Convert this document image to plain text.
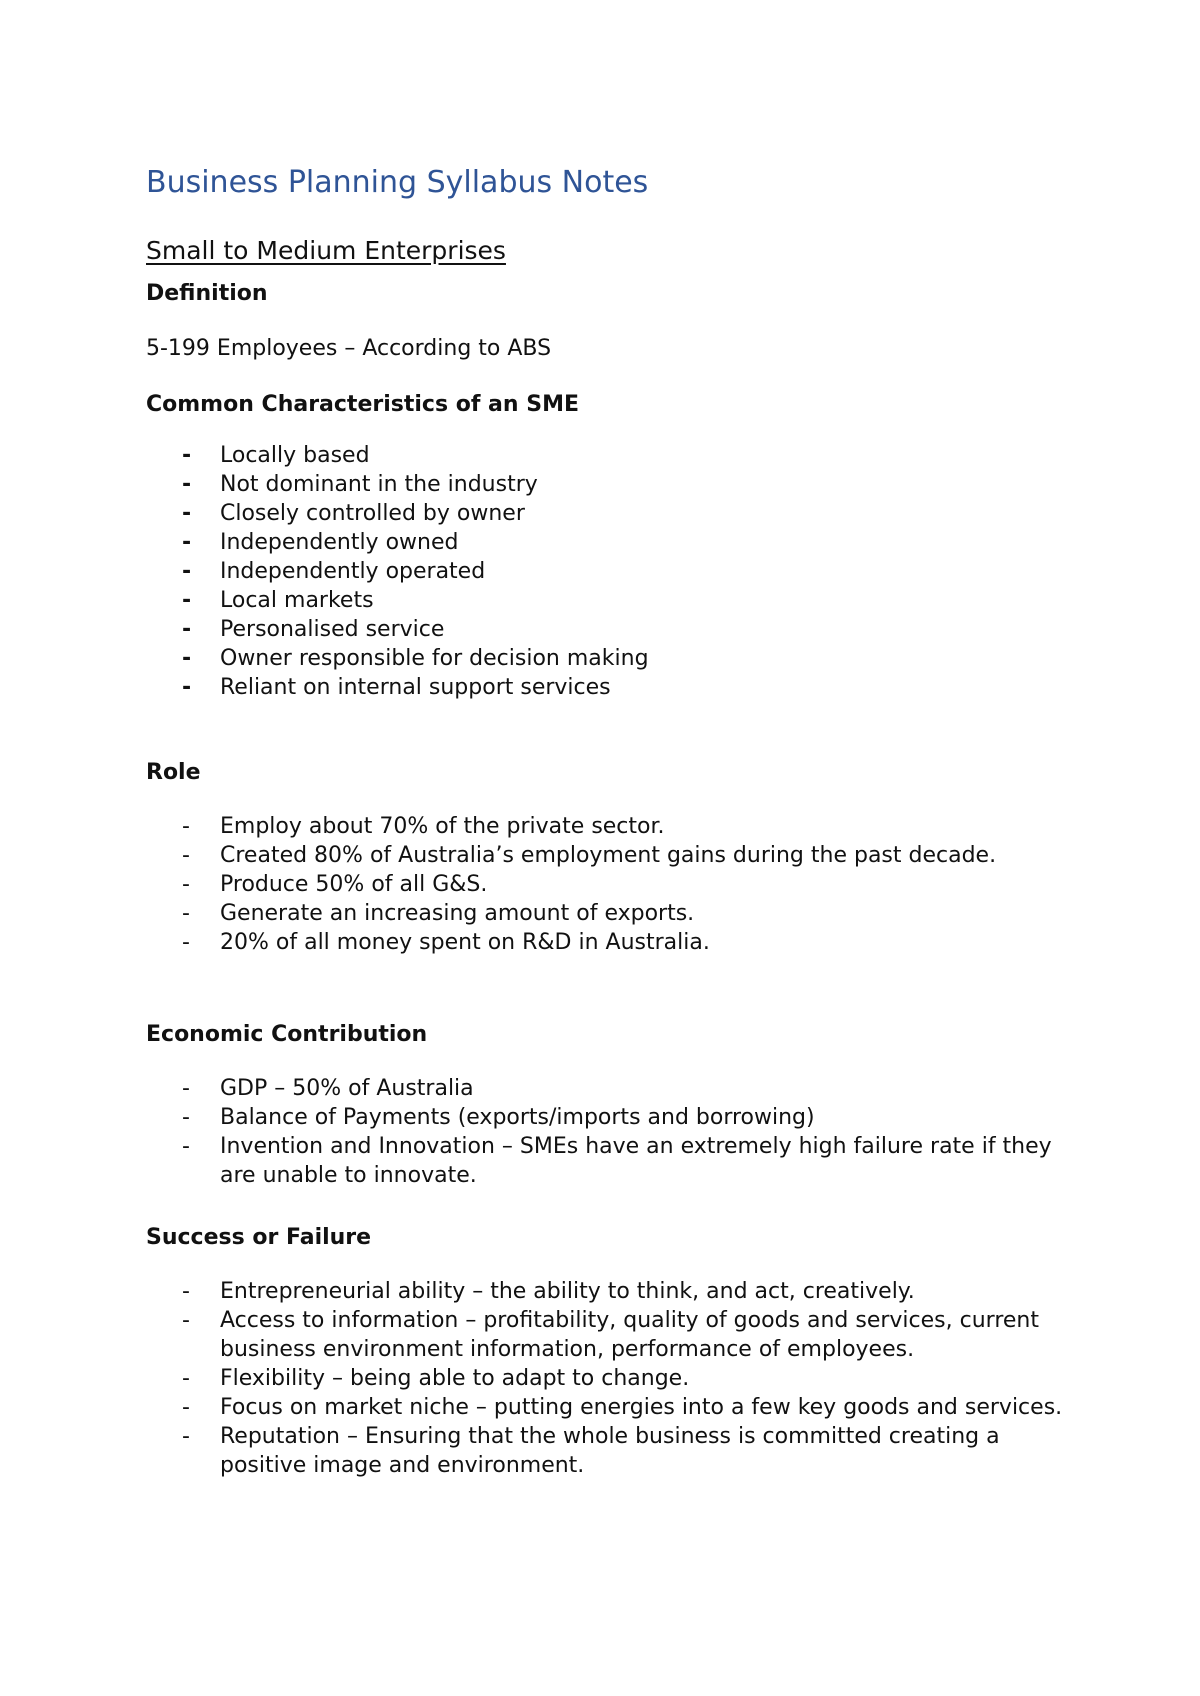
Business Planning Syllabus Notes
Small to Medium Enterprises
Definition

5-199 Employees – According to ABS

Common Characteristics of an SME
- Locally based
- Not dominant in the industry
- Closely controlled by owner
- Independently owned
- Independently operated
- Local markets
- Personalised service
- Owner responsible for decision making
- Reliant on internal support services
Role
- Employ about 70% of the private sector.
- Created 80% of Australia’s employment gains during the past decade.
- Produce 50% of all G&S.
- Generate an increasing amount of exports.
- 20% of all money spent on R&D in Australia.
Economic Contribution
- GDP – 50% of Australia
- Balance of Payments (exports/imports and borrowing)
- Invention and Innovation – SMEs have an extremely high failure rate if they are unable to innovate.
Success or Failure
- Entrepreneurial ability – the ability to think, and act, creatively.
- Access to information – profitability, quality of goods and services, current business environment information, performance of employees.
- Flexibility – being able to adapt to change.
- Focus on market niche – putting energies into a few key goods and services.
- Reputation – Ensuring that the whole business is committed creating a positive image and environment.
